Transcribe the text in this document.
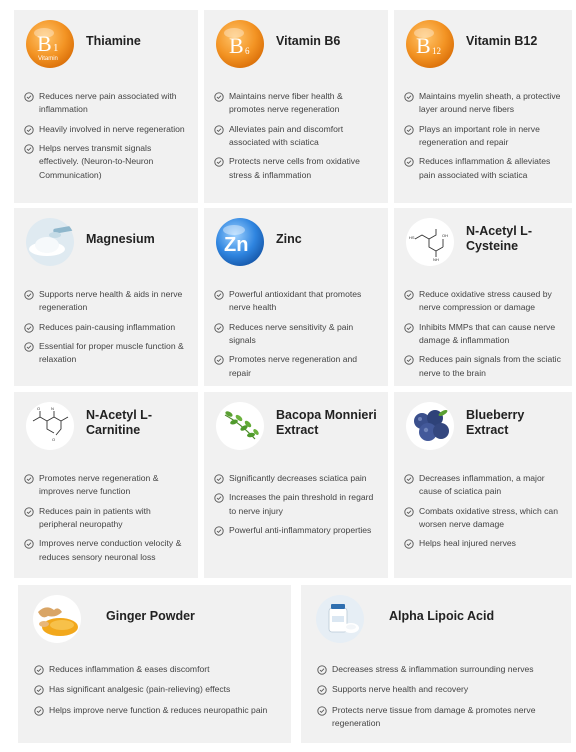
B 1
Vitamin
Thiamine
Reduces nerve pain associated with inflammation
Heavily involved in nerve regeneration
Helps nerves transmit signals effectively. (Neuron-to-Neuron Communication)
B 6
Vitamin B6
Maintains nerve fiber health & promotes nerve regeneration
Alleviates pain and discomfort associated with sciatica
Protects nerve cells from oxidative stress & inflammation
B 12
Vitamin B12
Maintains myelin sheath, a protective layer around nerve fibers
Plays an important role in nerve regeneration and repair
Reduces inflammation & alleviates pain associated with sciatica
Magnesium
Supports nerve health & aids in nerve regeneration
Reduces pain-causing inflammation
Essential for proper muscle function & relaxation
Zn Zinc
Powerful antioxidant that promotes nerve health
Reduces nerve sensitivity & pain signals
Promotes nerve regeneration and repair
HS	OH
NH
N-Acetyl L-Cysteine
Reduce oxidative stress caused by nerve compression or damage
Inhibits MMPs that can cause nerve damage & inflammation
Reduces pain signals from the sciatic nerve to the brain
O	N
O
N-Acetyl L-Carnitine
Promotes nerve regeneration & improves nerve function
Reduces pain in patients with peripheral neuropathy
Improves nerve conduction velocity & reduces sensory neuronal loss
Bacopa Monnieri Extract
Significantly decreases sciatica pain
Increases the pain threshold in regard to nerve injury
Powerful anti-inflammatory properties
Blueberry Extract
Decreases inflammation, a major cause of sciatica pain
Combats oxidative stress, which can worsen nerve damage
Helps heal injured nerves
Ginger Powder
Reduces inflammation & eases discomfort
Has significant analgesic (pain-relieving) effects
Helps improve nerve function & reduces neuropathic pain
Alpha Lipoic Acid
Decreases stress & inflammation surrounding nerves
Supports nerve health and recovery
Protects nerve tissue from damage & promotes nerve regeneration
